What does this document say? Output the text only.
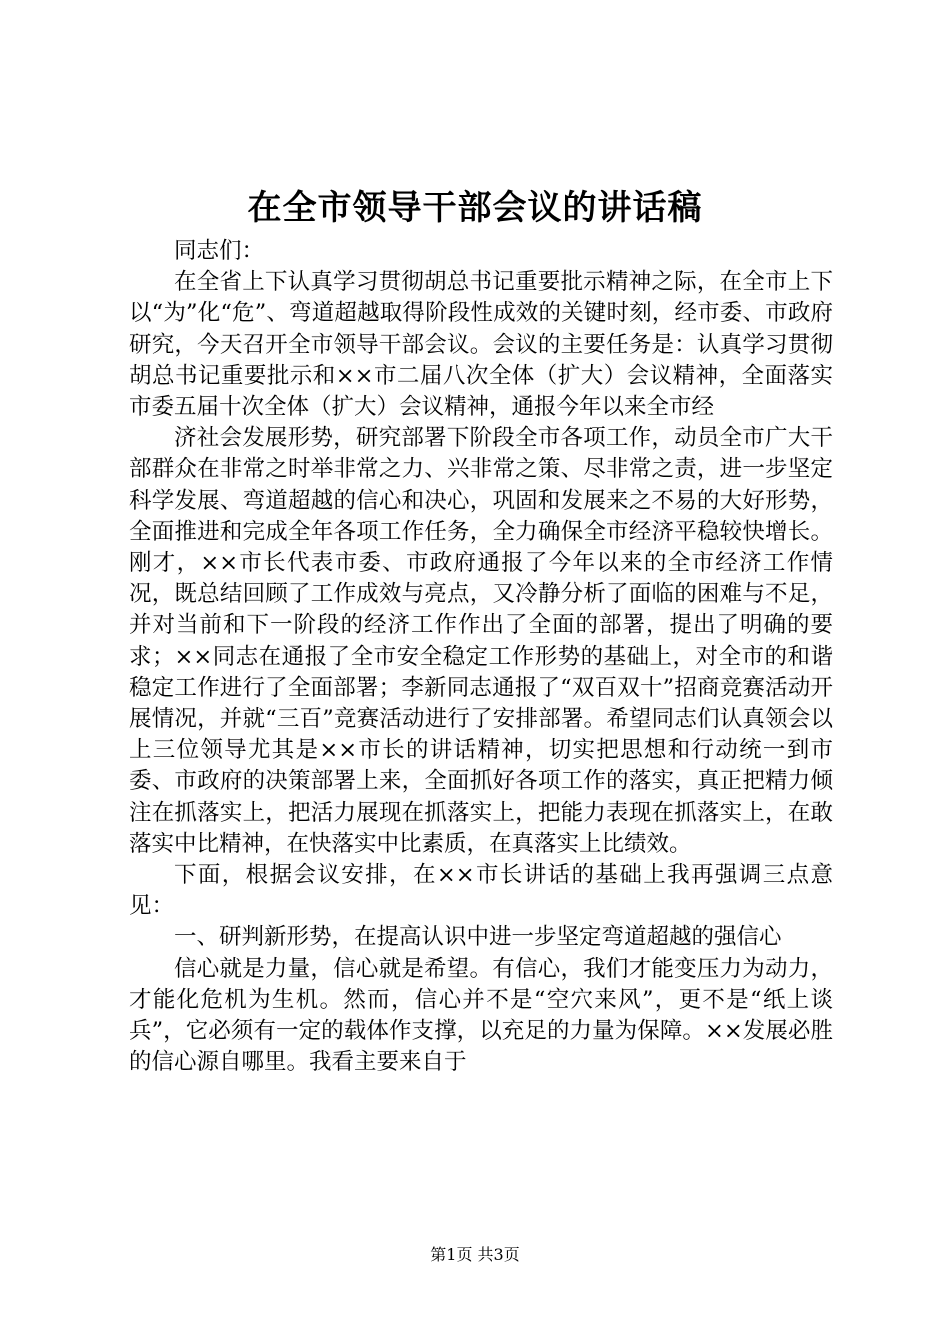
在全市领导干部会议的讲话稿

同志们：

在全省上下认真学习贯彻胡总书记重要批示精神之际，在全市上下以“为”化“危”、弯道超越取得阶段性成效的关键时刻，经市委、市政府研究，今天召开全市领导干部会议。会议的主要任务是：认真学习贯彻胡总书记重要批示和××市二届八次全体（扩大）会议精神，全面落实市委五届十次全体（扩大）会议精神，通报今年以来全市经

济社会发展形势，研究部署下阶段全市各项工作，动员全市广大干部群众在非常之时举非常之力、兴非常之策、尽非常之责，进一步坚定科学发展、弯道超越的信心和决心，巩固和发展来之不易的大好形势，全面推进和完成全年各项工作任务，全力确保全市经济平稳较快增长。刚才，××市长代表市委、市政府通报了今年以来的全市经济工作情况，既总结回顾了工作成效与亮点，又冷静分析了面临的困难与不足，并对当前和下一阶段的经济工作作出了全面的部署，提出了明确的要求；××同志在通报了全市安全稳定工作形势的基础上，对全市的和谐稳定工作进行了全面部署；李新同志通报了“双百双十”招商竞赛活动开展情况，并就“三百”竞赛活动进行了安排部署。希望同志们认真领会以上三位领导尤其是××市长的讲话精神，切实把思想和行动统一到市委、市政府的决策部署上来，全面抓好各项工作的落实，真正把精力倾注在抓落实上，把活力展现在抓落实上，把能力表现在抓落实上，在敢落实中比精神，在快落实中比素质，在真落实上比绩效。

下面，根据会议安排，在××市长讲话的基础上我再强调三点意见：

一、研判新形势，在提高认识中进一步坚定弯道超越的强信心

信心就是力量，信心就是希望。有信心，我们才能变压力为动力，才能化危机为生机。然而，信心并不是“空穴来风”，更不是“纸上谈兵”，它必须有一定的载体作支撑，以充足的力量为保障。××发展必胜的信心源自哪里。我看主要来自于

第1页 共3页
